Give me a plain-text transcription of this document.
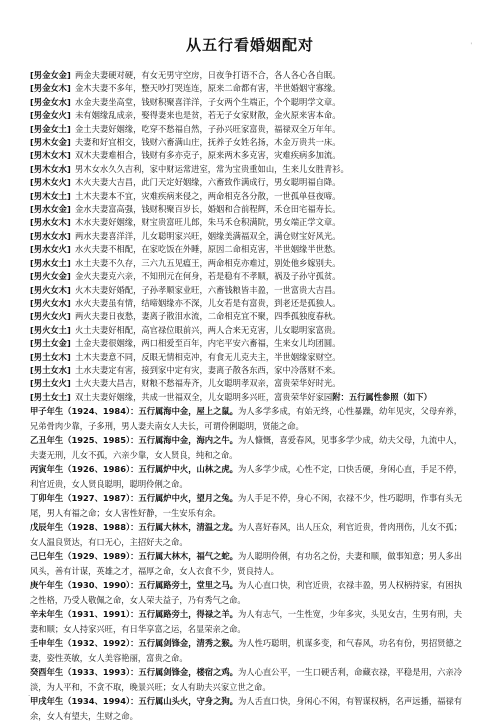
'
从五行看婚姻配对
[男金女金] 两金夫妻硬对硬，有女无男守空房，日夜争打语不合，各人各心各自眠。
[男金女木] 金木夫妻不多年，整天吵打哭连连，原来二命都有害，半世婚姻守寡缘。
[男金女水] 水金夫妻坐高堂，钱财积聚喜洋洋，子女两个生端正，个个聪明学文章。
[男金女火] 未有姻缘乱成亲，娶得妻来也是贫，若无子女家财散，金火原来害本命。
[男金女土] 金土夫妻好姻缘，吃穿不愁福自然，子孙兴旺家富贵，福禄双全万年年。
[男木女金] 夫妻和好宜相交，钱财六畜满山庄，抚养子女姓名扬，木金万贵共一床。
[男木女木] 双木夫妻难相合，钱财有多亦克子，原来两木多克害，灾难疾病多加流。
[男木女水] 男木女水久久吉利，家中财运常进室，常为宝贵重如山，生来儿女胜青衫。
[男木女火] 木火夫妻大吉昌，此门天定好姻缘，六畜致作满成行，男女聪明福自降。
[男木女土] 土木夫妻本不宜，灾难疾病来侵之，两命相克各分散，一世孤单昼夜啼。
[男水女金] 金水夫妻富高强，钱财积聚百岁长，婚姻和合前程辉，禾仓田宅福寿长。
[男水女木] 木水夫妻好姻缘，财宝贵富旺儿郎，朱马禾仓积满院，男女端正学文章。
[男水女水] 两水夫妻喜洋洋，儿女聪明家兴旺，姻缘美满福双全，满仓财宝好风光。
[男水女火] 水火夫妻不相配，在家吃饭在外睡，原因二命相克害，半世姻缘半世愁。
[男水女土] 水土夫妻不久存，三六九五见瘟王，两命相克亦难过，别处他乡嫁别夫。
[男火女金] 金火夫妻克六亲，不知刑元在何身，若是稳有不孝顺，祸及子孙守孤贫。
[男火女木] 火木夫妻好婚配，子孙孝顺家业旺，六畜钱粮皆丰盈，一世富贵大吉昌。
[男火女水] 水火夫妻虽有情，结啼姻缘亦不深，儿女若是有富贵，到老还是孤独人。
[男火女火] 两火夫妻日夜愁，妻离子散泪水流，二命相克宜不聚，四季孤独度春秋。
[男火女土] 火土夫妻好相配，高官禄位眼前兴，两人合来无克害，儿女聪明家富贵。
[男土女金] 土金夫妻很姻缘，两口相爱至百年，内宅平安六畜福，生来女儿均团圆。
[男土女木] 土木夫妻意不同，反眼无情相克冲，有食无儿克夫主，半世姻缘家财空。
[男土女水] 土水夫妻定有害，接到家中定有灾，妻离子散各东西，家中冷落财不来。
[男土女火] 土火夫妻大昌吉，财粮不愁福寿齐，儿女聪明孝双亲，富贵荣华好时光。
[男土女土] 双土夫妻好姻缘，共成一世福双全，儿女聪明多兴旺，富贵荣华好家园附：五行属性参照（如下）
甲子年生（1924、1984）：五行属海中金，屋上之鼠。为人多学多成，有始无终，心性暴躁，幼年见灾，父母弃养，兄弟骨肉少靠，子多刑，男人妻夫南女人夫长，可谓伶俐聪明，贤能之命。
乙丑年生（1925、1985）：五行属海中金，海内之牛。为人慷慨，喜爱春风，见事多学少成，幼夫父母，九流中人，夫妻无刑，儿女不孤，六亲少靠，女人贤良，纯和之命。
丙寅年生（1926、1986）：五行属炉中火，山林之虎。为人多学少成，心性不定，口快舌硬，身闲心直，手足不停，利官近贵，女人贤良聪明，聪明伶俐之命。
丁卯年生（1927、1987）：五行属炉中火，望月之兔。为人手足不停，身心不闲，衣禄不少，性巧聪明，作事有头无尾，男人有福之命；女人害性好静，一生安乐有余。
戊辰年生（1928、1988）：五行属大林木，清温之龙。为人喜好春风，出人压众，利官近贵，骨肉刑伤，儿女不孤；女人温良贤达，有口无心，主招好夫之命。
己巳年生（1929、1989）：五行属大林木，福气之蛇。为人聪明伶俐，有功名之份，夫妻和顺，做事知意；男人多出风头，善有计谋，英雄之才，福厚之命，女人衣食不少，贤良持人。
庚午年生（1930、1990）：五行属路旁土，堂里之马。为人心直口快，利官近贵，衣禄丰盈，男人权柄持家，有困执之性格，乃受人敬佩之命，女人荣夫益子，乃有秀气之命。
辛未年生（1931、1991）：五行属路旁土，得禄之羊。为人有志气，一生性宽，少年多灾，头见女吉，生男有刑，夫妻和顺；女人持家兴旺，有日华享富之运，名显荣亲之命。
壬申年生（1932、1992）：五行属剑锋金，清秀之猴。为人性巧聪明，机谋多变，和气春风，功名有份，男招贤德之妻，姿性英敏，女人美容艳丽，富贵之命。
癸酉年生（1933、1993）：五行属剑锋金，楼宿之鸡。为人心直公平，一生口硬舌利，命藏衣禄，平稳是用，六亲冷淡，为人平和，不贪不取，晚景兴旺；女人有助夫兴家立世之命。
甲戌年生（1934、1994）：五行属山头火，守身之狗。为人舌直口快，身闲心不闲，有智谋权柄，名声远播，福禄有余，女人有望夫，生财之命。
·
